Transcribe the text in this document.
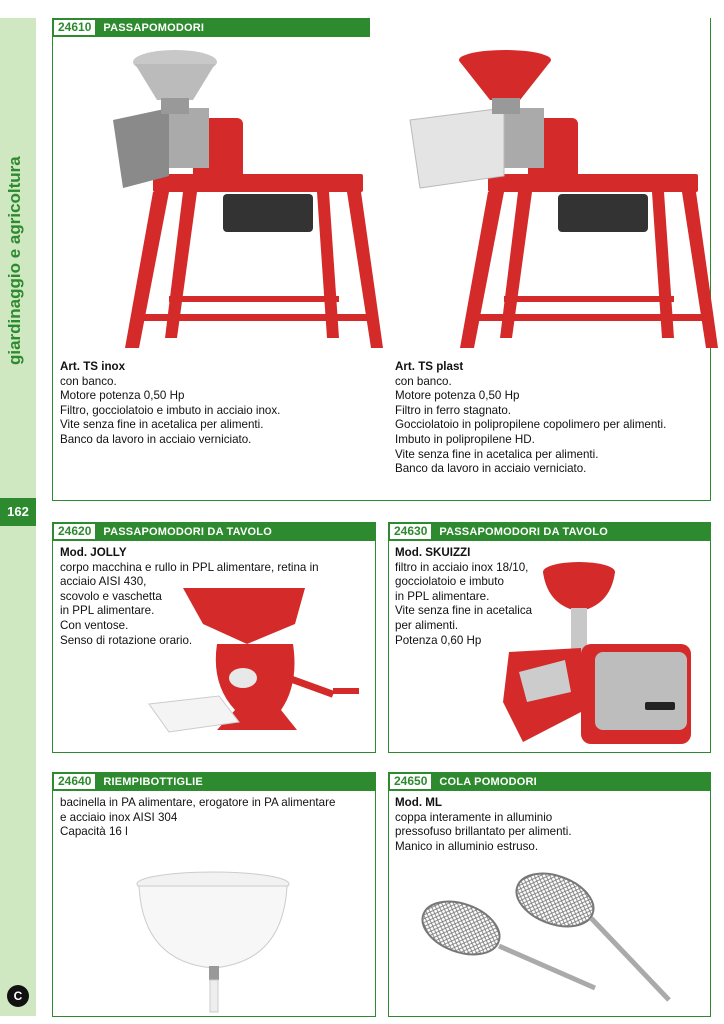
giardinaggio e agricoltura
162
C
24610	PASSAPOMODORI
Art. TS inox
con banco.
Motore potenza 0,50 Hp
Filtro, gocciolatoio e imbuto in acciaio inox.
Vite senza fine in acetalica per alimenti.
Banco da lavoro in acciaio verniciato.
Art. TS plast
con banco.
Motore potenza 0,50 Hp
Filtro in ferro stagnato.
Gocciolatoio in polipropilene copolimero per alimenti.
Imbuto in polipropilene HD.
Vite senza fine in acetalica per alimenti.
Banco da lavoro in acciaio verniciato.
24620	PASSAPOMODORI DA TAVOLO
Mod. JOLLY
corpo macchina e rullo in PPL alimentare, retina in
acciaio AISI 430,
scovolo e vaschetta
in PPL alimentare.
Con ventose.
Senso di rotazione orario.
24630	PASSAPOMODORI DA TAVOLO
Mod. SKUIZZI
filtro in acciaio inox 18/10,
gocciolatoio e imbuto
in PPL alimentare.
Vite senza fine in acetalica
per alimenti.
Potenza 0,60 Hp
24640	RIEMPIBOTTIGLIE
bacinella in PA alimentare, erogatore in PA alimentare
e acciaio inox AISI 304
Capacità 16 l
24650	COLA POMODORI
Mod. ML
coppa interamente in alluminio
pressofuso brillantato per alimenti.
Manico in alluminio estruso.
